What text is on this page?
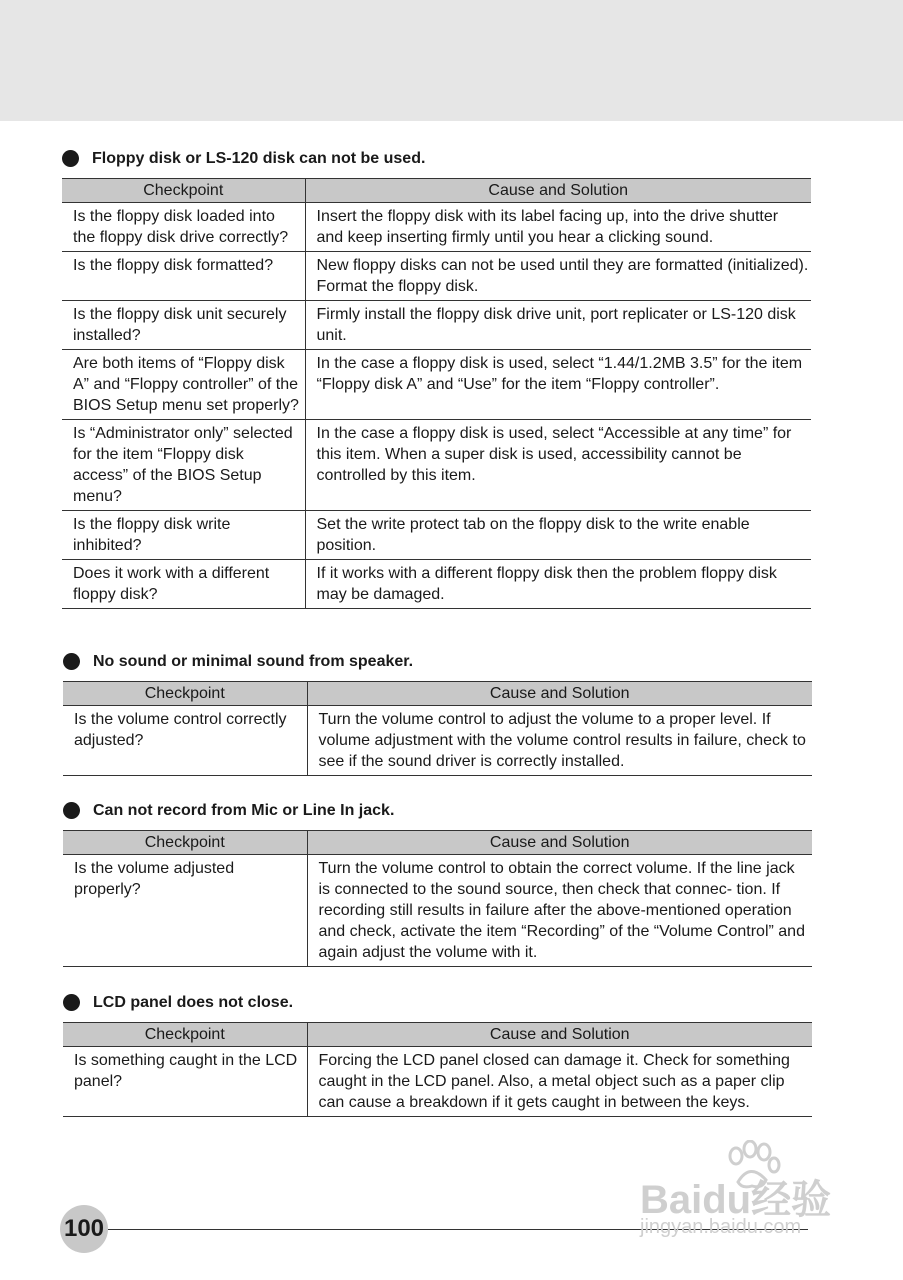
Floppy disk or LS-120 disk can not be used.
Checkpoint	Cause and Solution
Is the floppy disk loaded into the floppy disk drive correctly?	Insert the floppy disk with its label facing up, into the drive shutter and keep inserting firmly until you hear a clicking sound.
Is the floppy disk formatted?	New floppy disks can not be used until they are formatted (initialized). Format the floppy disk.
Is the floppy disk unit securely installed?	Firmly install the floppy disk drive unit, port replicater or LS-120 disk unit.
Are both items of “Floppy disk A” and “Floppy controller” of the BIOS Setup menu set properly?	In the case a floppy disk is used, select “1.44/1.2MB 3.5” for the item “Floppy disk A” and “Use” for the item “Floppy controller”.
Is “Administrator only” selected for the item “Floppy disk access” of the BIOS Setup menu?	In the case a floppy disk is used, select “Accessible at any time” for this item. When a super disk is used, accessibility cannot be controlled by this item.
Is the floppy disk write inhibited?	Set the write protect tab on the floppy disk to the write enable position.
Does it work with a different floppy disk?	If it works with a different floppy disk then the problem floppy disk may be damaged.
No sound or minimal sound from speaker.
Checkpoint	Cause and Solution
Is the volume control correctly adjusted?	Turn the volume control to adjust the volume to a proper level. If volume adjustment with the volume control results in failure, check to see if the sound driver is correctly installed.
Can not record from Mic or Line In jack.
Checkpoint	Cause and Solution
Is the volume adjusted properly?	Turn the volume control to obtain the correct volume. If the line jack is connected to the sound source, then check that connec- tion. If recording still results in failure after the above-mentioned operation and check, activate the item “Recording” of the “Volume Control” and again adjust the volume with it.
LCD panel does not close.
Checkpoint	Cause and Solution
Is something caught in the LCD panel?	Forcing the LCD panel closed can damage it. Check for something caught in the LCD panel. Also, a metal object such as a paper clip can cause a breakdown if it gets caught in between the keys.
100
Baidu经验
jingyan.baidu.com
